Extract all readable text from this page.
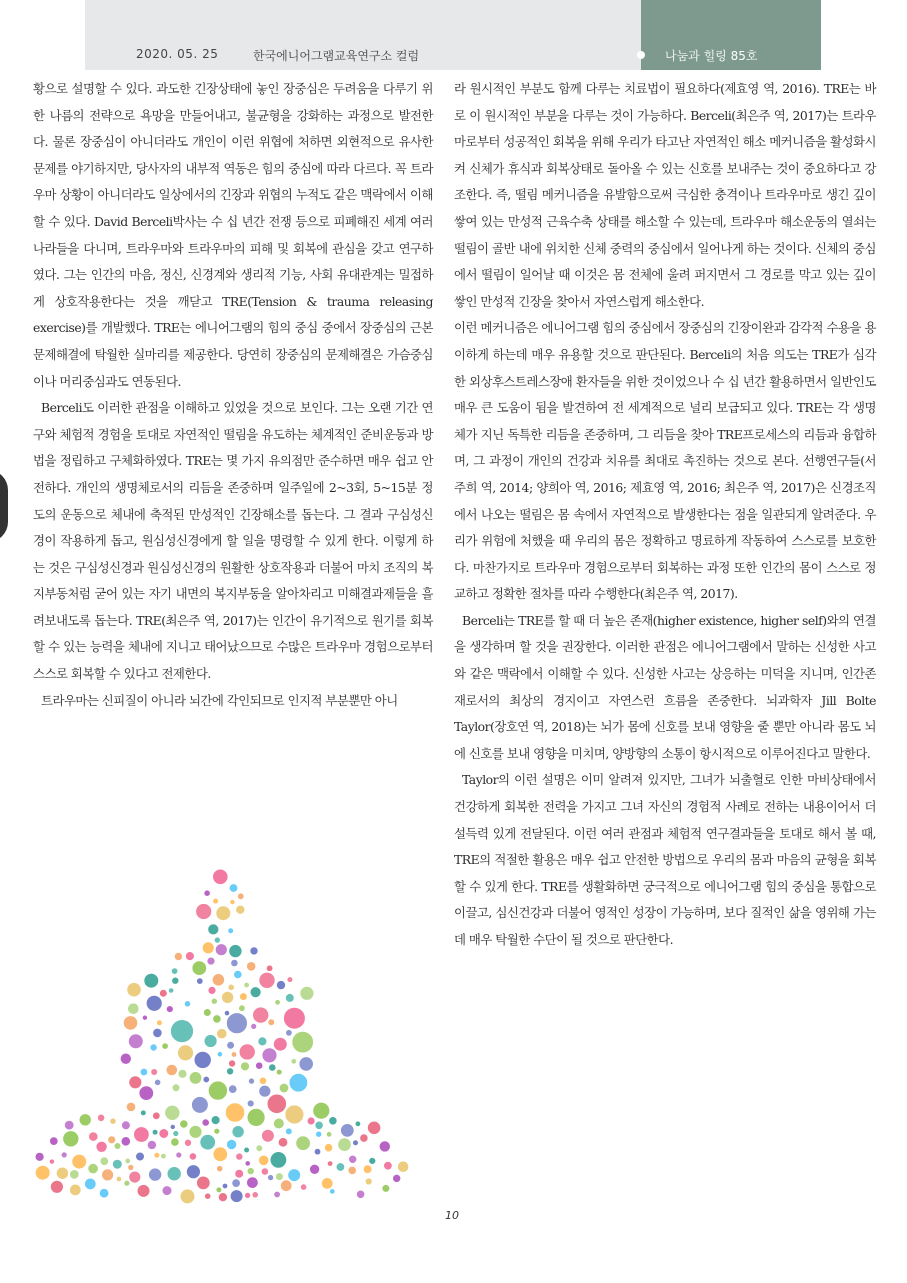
2020. 05. 25	한국에니어그램교육연구소 컬럼	나눔과 힐링 85호

황으로 설명할 수 있다. 과도한 긴장상태에 놓인 장중심은 두려움을 다루기 위한 나름의 전략으로 욕망을 만들어내고, 불균형을 강화하는 과정으로 발전한다. 물론 장중심이 아니더라도 개인이 이런 위협에 처하면 외현적으로 유사한 문제를 야기하지만, 당사자의 내부적 역동은 힘의 중심에 따라 다르다. 꼭 트라우마 상황이 아니더라도 일상에서의 긴장과 위협의 누적도 같은 맥락에서 이해할 수 있다. David Berceli박사는 수 십 년간 전쟁 등으로 피폐해진 세계 여러 나라들을 다니며, 트라우마와 트라우마의 피해 및 회복에 관심을 갖고 연구하였다. 그는 인간의 마음, 정신, 신경계와 생리적 기능, 사회 유대관계는 밀접하게 상호작용한다는 것을 깨닫고 TRE(Tension & trauma releasing exercise)를 개발했다. TRE는 에니어그램의 힘의 중심 중에서 장중심의 근본 문제해결에 탁월한 실마리를 제공한다. 당연히 장중심의 문제해결은 가슴중심이나 머리중심과도 연동된다.

Berceli도 이러한 관점을 이해하고 있었을 것으로 보인다. 그는 오랜 기간 연구와 체험적 경험을 토대로 자연적인 떨림을 유도하는 체계적인 준비운동과 방법을 정립하고 구체화하였다. TRE는 몇 가지 유의점만 준수하면 매우 쉽고 안전하다. 개인의 생명체로서의 리듬을 존중하며 일주일에 2~3회, 5~15분 정도의 운동으로 체내에 축적된 만성적인 긴장해소를 돕는다. 그 결과 구심성신경이 작용하게 돕고, 원심성신경에게 할 일을 명령할 수 있게 한다. 이렇게 하는 것은 구심성신경과 원심성신경의 원활한 상호작용과 더불어 마치 조직의 복지부동처럼 굳어 있는 자기 내면의 복지부동을 알아차리고 미해결과제들을 흘려보내도록 돕는다. TRE(최은주 역, 2017)는 인간이 유기적으로 원기를 회복할 수 있는 능력을 체내에 지니고 태어났으므로 수많은 트라우마 경험으로부터 스스로 회복할 수 있다고 전제한다.

트라우마는 신피질이 아니라 뇌간에 각인되므로 인지적 부분뿐만 아니

라 원시적인 부분도 함께 다루는 치료법이 필요하다(제효영 역, 2016). TRE는 바로 이 원시적인 부분을 다루는 것이 가능하다. Berceli(최은주 역, 2017)는 트라우마로부터 성공적인 회복을 위해 우리가 타고난 자연적인 해소 메커니즘을 활성화시켜 신체가 휴식과 회복상태로 돌아올 수 있는 신호를 보내주는 것이 중요하다고 강조한다. 즉, 떨림 메커니즘을 유발함으로써 극심한 충격이나 트라우마로 생긴 깊이 쌓여 있는 만성적 근육수축 상태를 해소할 수 있는데, 트라우마 해소운동의 열쇠는 떨림이 골반 내에 위치한 신체 중력의 중심에서 일어나게 하는 것이다. 신체의 중심에서 떨림이 일어날 때 이것은 몸 전체에 울려 퍼지면서 그 경로를 막고 있는 깊이 쌓인 만성적 긴장을 찾아서 자연스럽게 해소한다.

이런 메커니즘은 에니어그램 힘의 중심에서 장중심의 긴장이완과 감각적 수용을 용이하게 하는데 매우 유용할 것으로 판단된다. Berceli의 처음 의도는 TRE가 심각한 외상후스트레스장애 환자들을 위한 것이었으나 수 십 년간 활용하면서 일반인도 매우 큰 도움이 됨을 발견하여 전 세계적으로 널리 보급되고 있다. TRE는 각 생명체가 지닌 독특한 리듬을 존중하며, 그 리듬을 찾아 TRE프로세스의 리듬과 융합하며, 그 과정이 개인의 건강과 치유를 최대로 촉진하는 것으로 본다. 선행연구들(서주희 역, 2014; 양희아 역, 2016; 제효영 역, 2016; 최은주 역, 2017)은 신경조직에서 나오는 떨림은 몸 속에서 자연적으로 발생한다는 점을 일관되게 알려준다. 우리가 위험에 처했을 때 우리의 몸은 정확하고 명료하게 작동하여 스스로를 보호한다. 마찬가지로 트라우마 경험으로부터 회복하는 과정 또한 인간의 몸이 스스로 정교하고 정확한 절차를 따라 수행한다(최은주 역, 2017).

Berceli는 TRE를 할 때 더 높은 존재(higher existence, higher self)와의 연결을 생각하며 할 것을 권장한다. 이러한 관점은 에니어그램에서 말하는 신성한 사고와 같은 맥락에서 이해할 수 있다. 신성한 사고는 상응하는 미덕을 지니며, 인간존재로서의 최상의 경지이고 자연스런 흐름을 존중한다. 뇌과학자 Jill Bolte Taylor(장호연 역, 2018)는 뇌가 몸에 신호를 보내 영향을 줄 뿐만 아니라 몸도 뇌에 신호를 보내 영향을 미치며, 양방향의 소통이 항시적으로 이루어진다고 말한다.

Taylor의 이런 설명은 이미 알려져 있지만, 그녀가 뇌출혈로 인한 마비상태에서 건강하게 회복한 전력을 가지고 그녀 자신의 경험적 사례로 전하는 내용이어서 더 설득력 있게 전달된다. 이런 여러 관점과 체험적 연구결과들을 토대로 해서 볼 때, TRE의 적절한 활용은 매우 쉽고 안전한 방법으로 우리의 몸과 마음의 균형을 회복할 수 있게 한다. TRE를 생활화하면 궁극적으로 에니어그램 힘의 중심을 통합으로 이끌고, 심신건강과 더불어 영적인 성장이 가능하며, 보다 질적인 삶을 영위해 가는데 매우 탁월한 수단이 될 것으로 판단한다.

10
